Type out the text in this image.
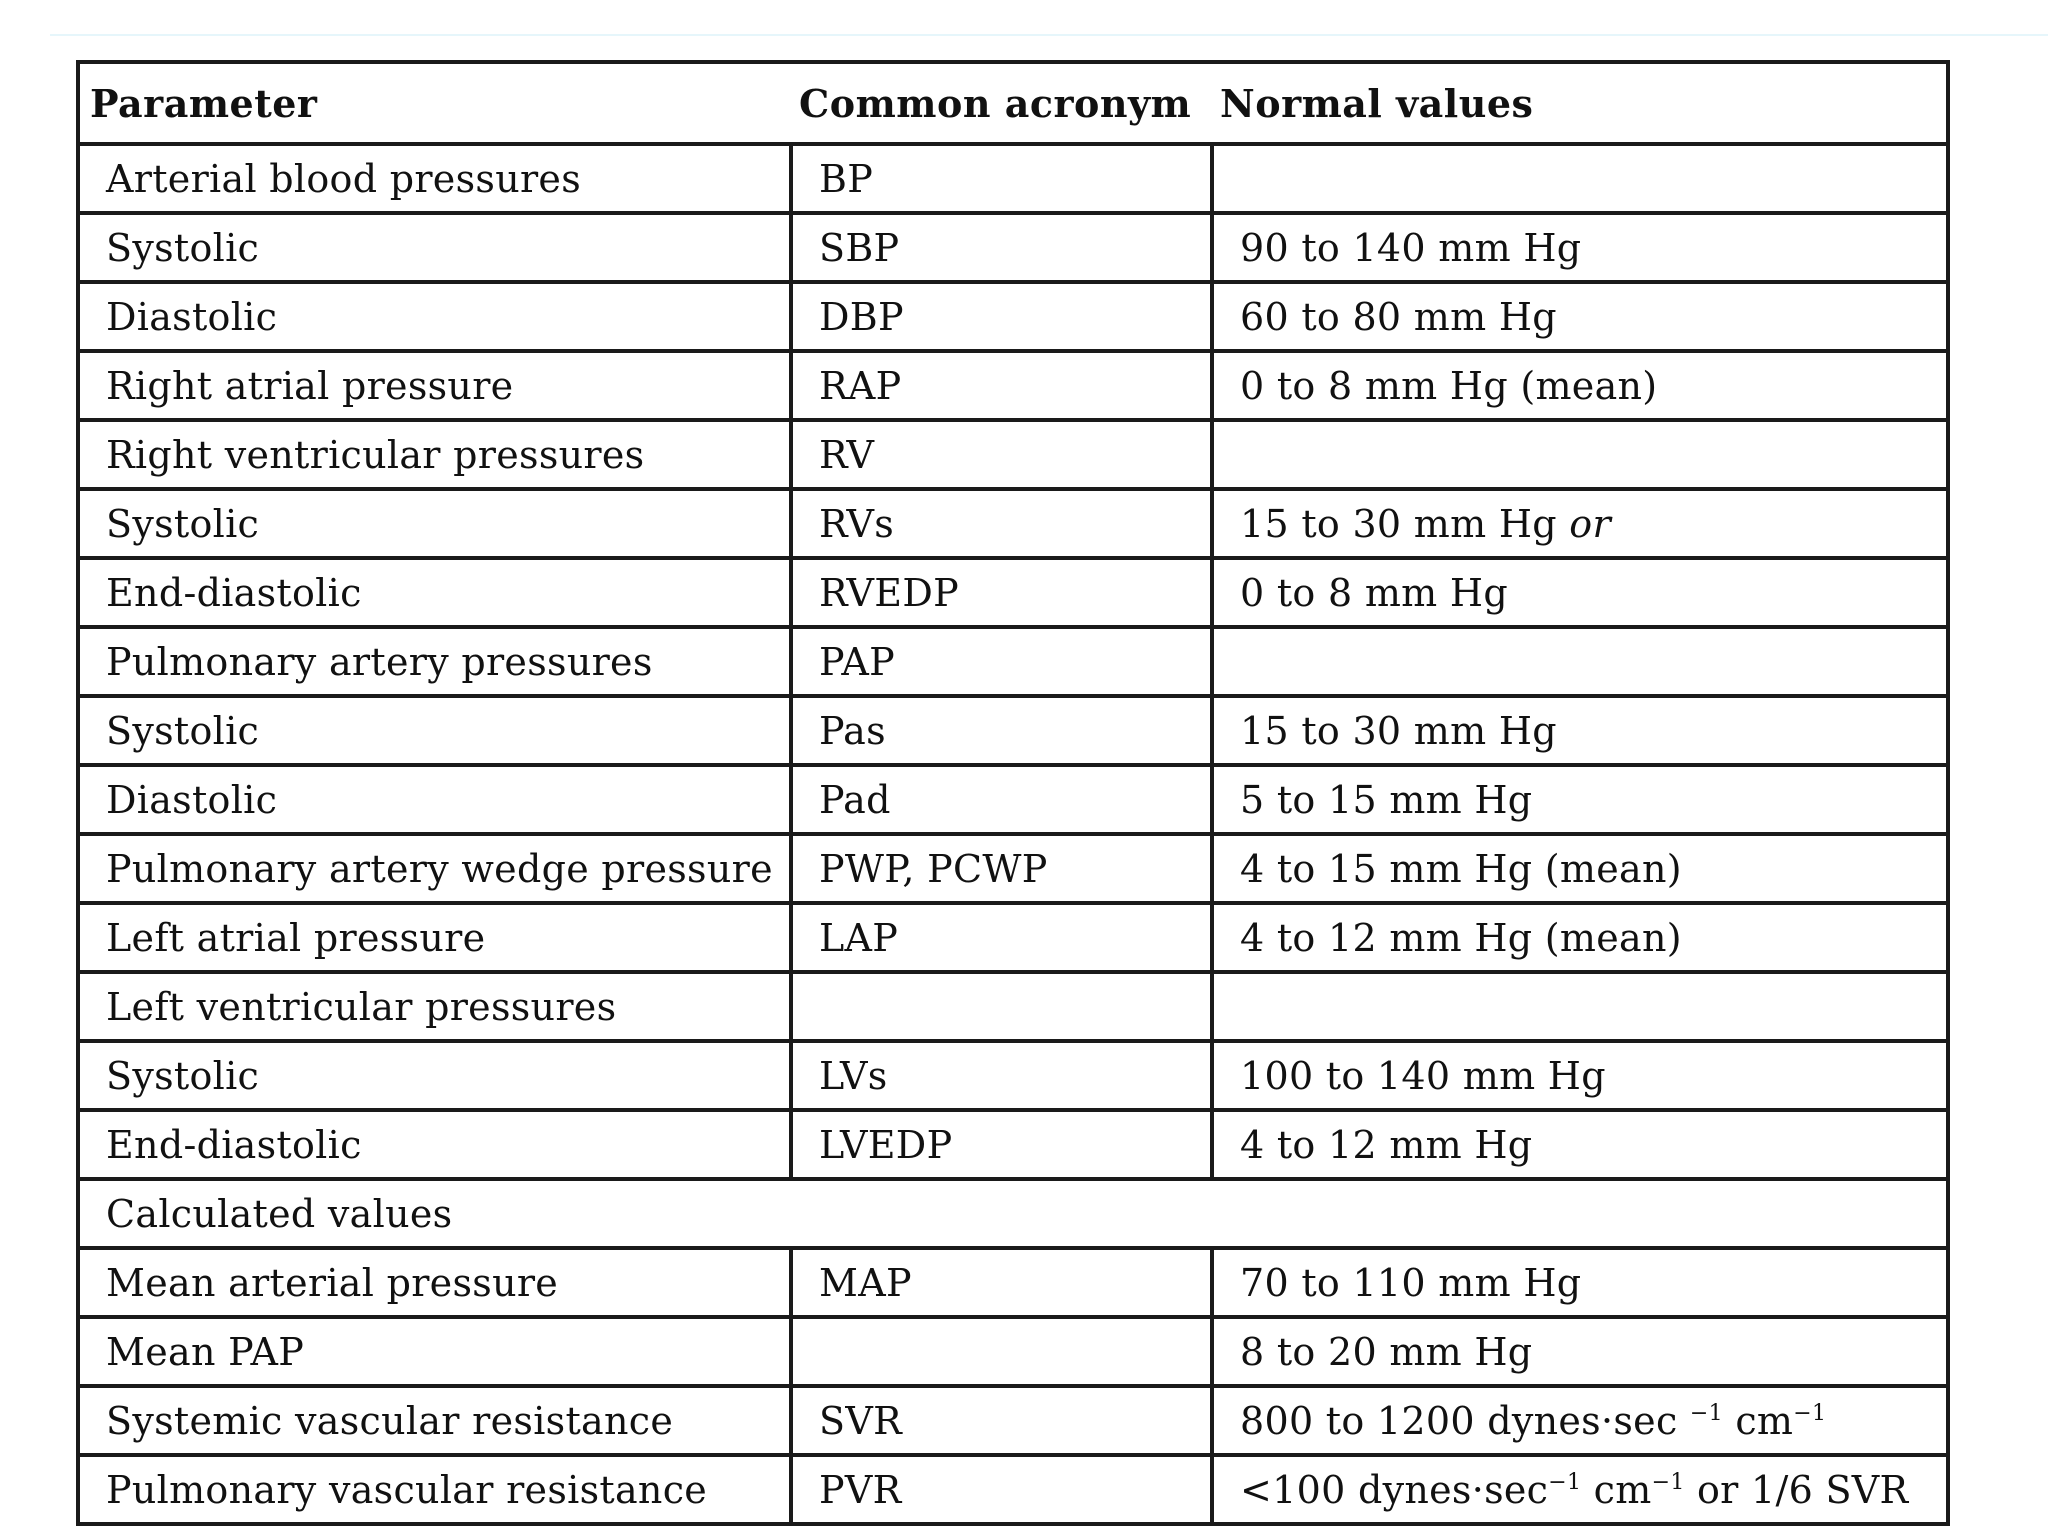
Parameter	Common acronym	Normal values
Arterial blood pressures	BP	
Systolic	SBP	90 to 140 mm Hg
Diastolic	DBP	60 to 80 mm Hg
Right atrial pressure	RAP	0 to 8 mm Hg (mean)
Right ventricular pressures	RV	
Systolic	RVs	15 to 30 mm Hg or
End-diastolic	RVEDP	0 to 8 mm Hg
Pulmonary artery pressures	PAP	
Systolic	Pas	15 to 30 mm Hg
Diastolic	Pad	5 to 15 mm Hg
Pulmonary artery wedge pressure	PWP, PCWP	4 to 15 mm Hg (mean)
Left atrial pressure	LAP	4 to 12 mm Hg (mean)
Left ventricular pressures		
Systolic	LVs	100 to 140 mm Hg
End-diastolic	LVEDP	4 to 12 mm Hg
Calculated values		
Mean arterial pressure	MAP	70 to 110 mm Hg
Mean PAP		8 to 20 mm Hg
Systemic vascular resistance	SVR	800 to 1200 dynes·sec $^{-1}$ $cm^{-1}$
Pulmonary vascular resistance	PVR	<100 $dynes\cdot\sec^{-1}$ $cm^{-1}$ or 1/6 SVR
